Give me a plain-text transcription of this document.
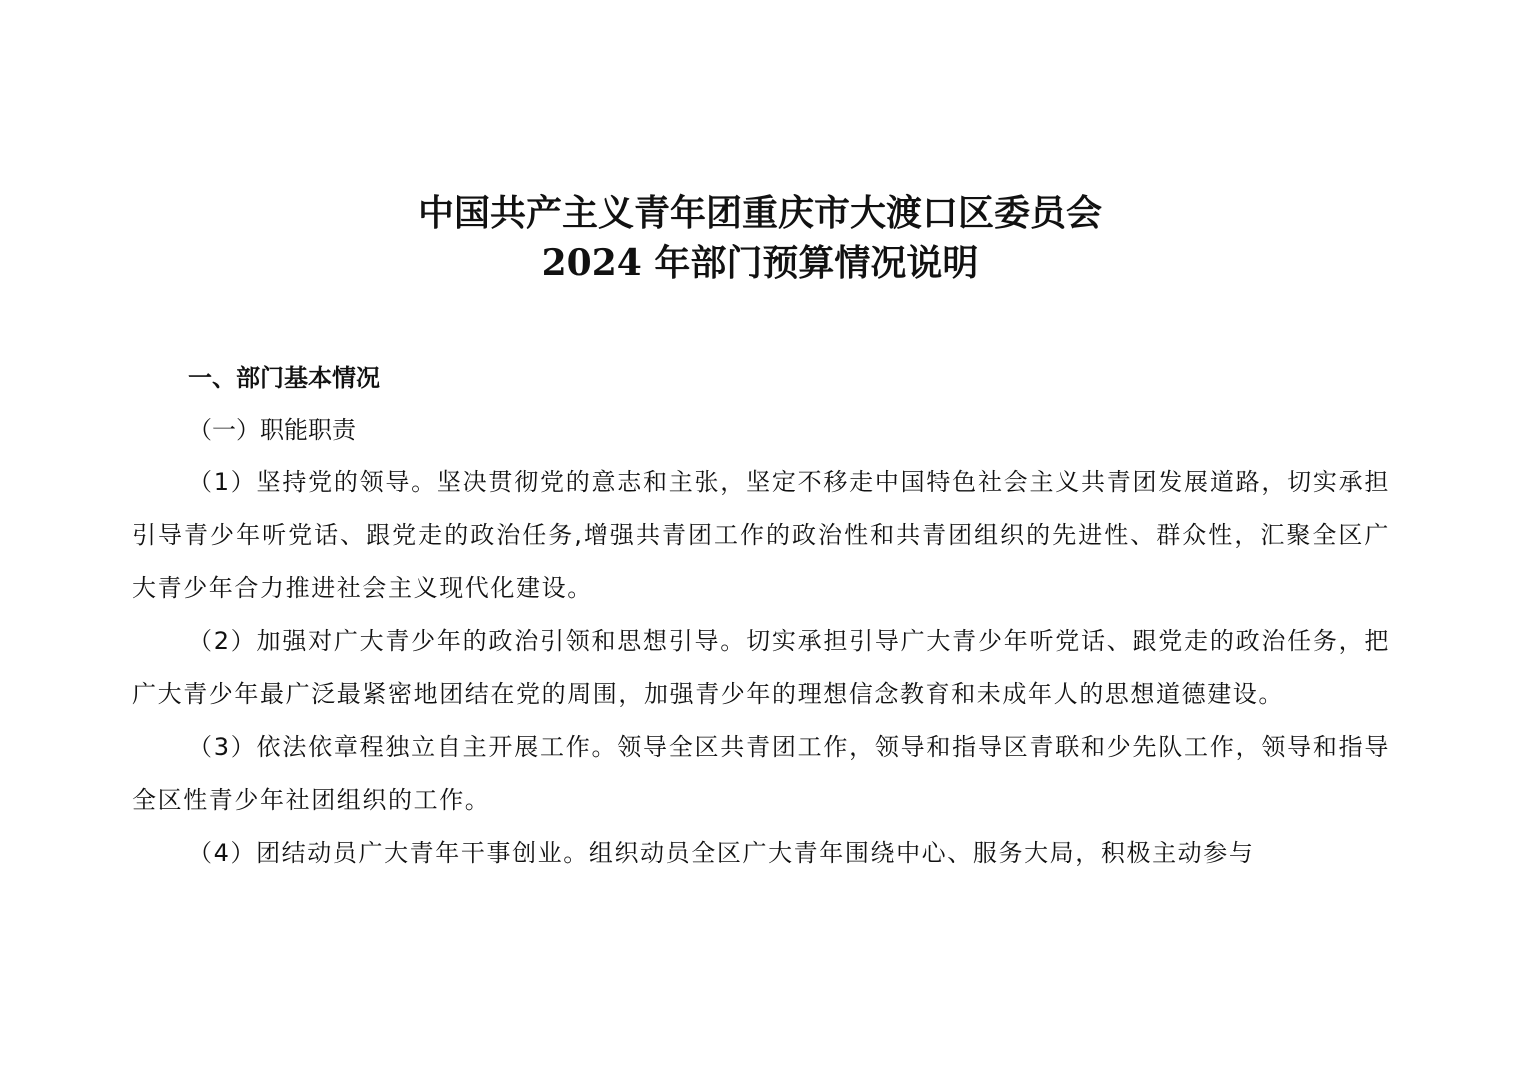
中国共产主义青年团重庆市大渡口区委员会
2024 年部门预算情况说明

一、部门基本情况

（一）职能职责

（1）坚持党的领导。坚决贯彻党的意志和主张，坚定不移走中国特色社会主义共青团发展道路，切实承担引导青少年听党话、跟党走的政治任务,增强共青团工作的政治性和共青团组织的先进性、群众性，汇聚全区广大青少年合力推进社会主义现代化建设。

（2）加强对广大青少年的政治引领和思想引导。切实承担引导广大青少年听党话、跟党走的政治任务，把广大青少年最广泛最紧密地团结在党的周围，加强青少年的理想信念教育和未成年人的思想道德建设。

（3）依法依章程独立自主开展工作。领导全区共青团工作，领导和指导区青联和少先队工作，领导和指导全区性青少年社团组织的工作。

（4）团结动员广大青年干事创业。组织动员全区广大青年围绕中心、服务大局，积极主动参与
